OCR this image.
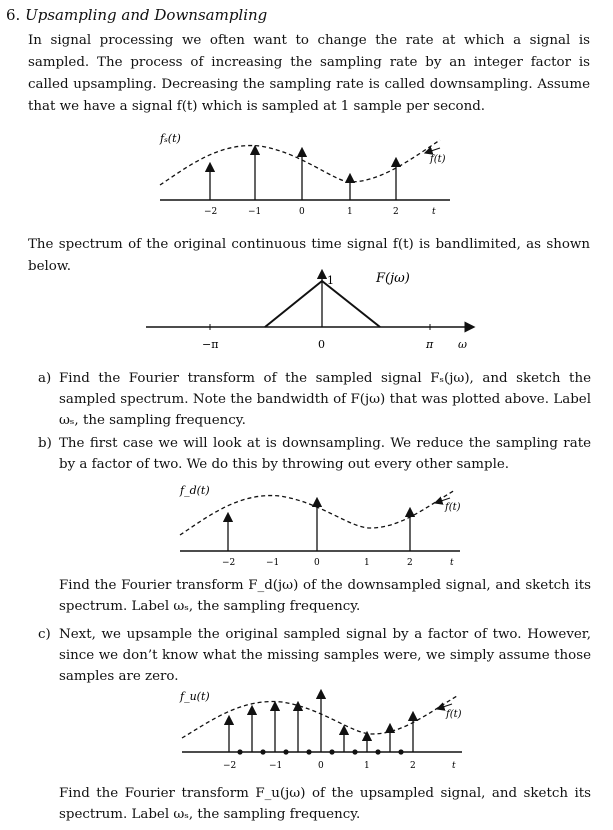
6. Upsampling and Downsampling
In signal processing we often want to change the rate at which a signal is sampled. The process of increasing the sampling rate by an integer factor is called upsampling. Decreasing the sampling rate is called downsampling. Assume that we have a signal f(t) which is sampled at 1 sample per second.
fₛ(t)
f(t)
−2	−1	0	1	2	t
The spectrum of the original continuous time signal f(t) is bandlimited, as shown below.
1	F(jω)
−π	0	π ω
a) Find the Fourier transform of the sampled signal Fₛ(jω), and sketch the sampled spectrum. Note the bandwidth of F(jω) that was plotted above. Label ωₛ, the sampling frequency.
b) The first case we will look at is downsampling. We reduce the sampling rate by a factor of two. We do this by throwing out every other sample.
f_d(t)
f(t)
−2	−1	0	1	2	t
Find the Fourier transform F_d(jω) of the downsampled signal, and sketch its spectrum. Label ωₛ, the sampling frequency.
c) Next, we upsample the original sampled signal by a factor of two. However, since we don’t know what the missing samples were, we simply assume those samples are zero.
f_u(t)
f(t)
−2	−1	0	1	2	t
Find the Fourier transform F_u(jω) of the upsampled signal, and sketch its spectrum. Label ωₛ, the sampling frequency.
